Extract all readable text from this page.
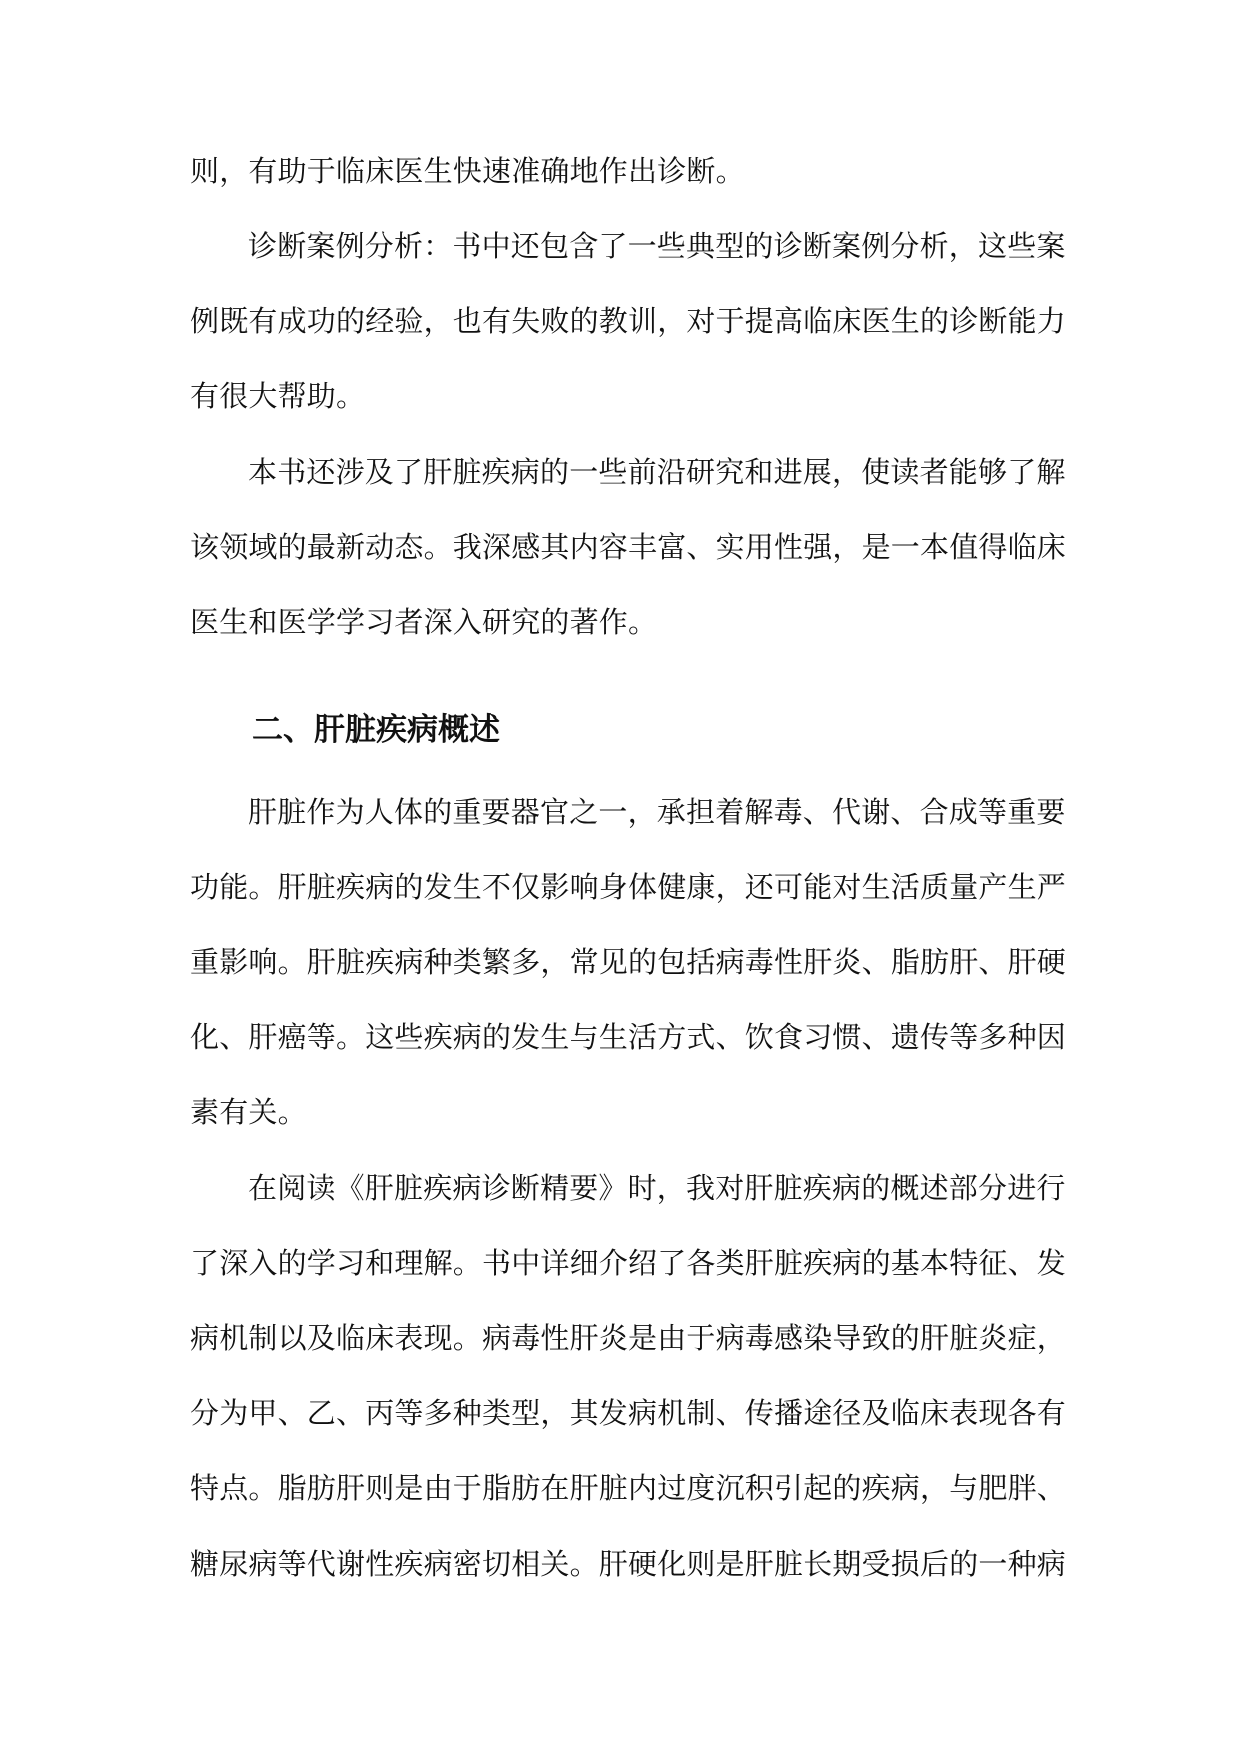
则，有助于临床医生快速准确地作出诊断。
诊断案例分析：书中还包含了一些典型的诊断案例分析，这些案
例既有成功的经验，也有失败的教训，对于提高临床医生的诊断能力
有很大帮助。
本书还涉及了肝脏疾病的一些前沿研究和进展，使读者能够了解
该领域的最新动态。我深感其内容丰富、实用性强，是一本值得临床
医生和医学学习者深入研究的著作。
二、肝脏疾病概述
肝脏作为人体的重要器官之一，承担着解毒、代谢、合成等重要
功能。肝脏疾病的发生不仅影响身体健康，还可能对生活质量产生严
重影响。肝脏疾病种类繁多，常见的包括病毒性肝炎、脂肪肝、肝硬
化、肝癌等。这些疾病的发生与生活方式、饮食习惯、遗传等多种因
素有关。
在阅读《肝脏疾病诊断精要》时，我对肝脏疾病的概述部分进行
了深入的学习和理解。书中详细介绍了各类肝脏疾病的基本特征、发
病机制以及临床表现。病毒性肝炎是由于病毒感染导致的肝脏炎症，
分为甲、乙、丙等多种类型，其发病机制、传播途径及临床表现各有
特点。脂肪肝则是由于脂肪在肝脏内过度沉积引起的疾病，与肥胖、
糖尿病等代谢性疾病密切相关。肝硬化则是肝脏长期受损后的一种病
